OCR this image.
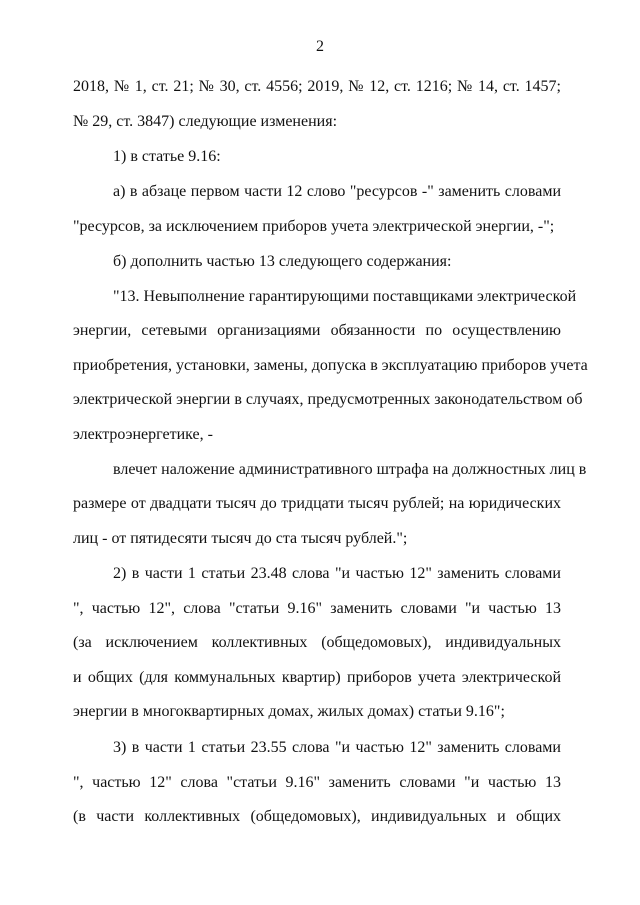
2
2018, № 1, ст. 21; № 30, ст. 4556; 2019, № 12, ст. 1216; № 14, ст. 1457;
№ 29, ст. 3847) следующие изменения:
1) в статье 9.16:
а) в абзаце первом части 12 слово "ресурсов -" заменить словами
"ресурсов, за исключением приборов учета электрической энергии, -";
б) дополнить частью 13 следующего содержания:
"13. Невыполнение гарантирующими поставщиками электрической
энергии, сетевыми организациями обязанности по осуществлению
приобретения, установки, замены, допуска в эксплуатацию приборов учета
электрической энергии в случаях, предусмотренных законодательством об
электроэнергетике, -
влечет наложение административного штрафа на должностных лиц в
размере от двадцати тысяч до тридцати тысяч рублей; на юридических
лиц - от пятидесяти тысяч до ста тысяч рублей.";
2) в части 1 статьи 23.48 слова "и частью 12" заменить словами
", частью 12", слова "статьи 9.16" заменить словами "и частью 13
(за исключением коллективных (общедомовых), индивидуальных
и общих (для коммунальных квартир) приборов учета электрической
энергии в многоквартирных домах, жилых домах) статьи 9.16";
3) в части 1 статьи 23.55 слова "и частью 12" заменить словами
", частью 12" слова "статьи 9.16" заменить словами "и частью 13
(в части коллективных (общедомовых), индивидуальных и общих
